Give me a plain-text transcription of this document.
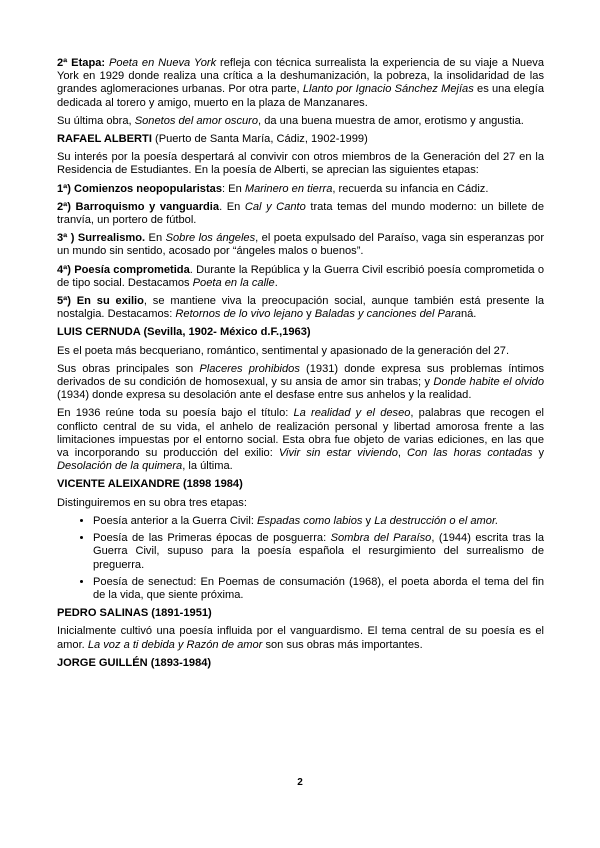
2ª Etapa: Poeta en Nueva York refleja con técnica surrealista la experiencia de su viaje a Nueva York en 1929 donde realiza una crítica a la deshumanización, la pobreza, la insolidaridad de las grandes aglomeraciones urbanas. Por otra parte, Llanto por Ignacio Sánchez Mejías es una elegía dedicada al torero y amigo, muerto en la plaza de Manzanares.

Su última obra, Sonetos del amor oscuro, da una buena muestra de amor, erotismo y angustia.

RAFAEL ALBERTI (Puerto de Santa María, Cádiz, 1902-1999)

Su interés por la poesía despertará al convivir con otros miembros de la Generación del 27 en la Residencia de Estudiantes. En la poesía de Alberti, se aprecian las siguientes etapas:

1ª) Comienzos neopopularistas: En Marinero en tierra, recuerda su infancia en Cádiz.

2ª) Barroquismo y vanguardia. En Cal y Canto trata temas del mundo moderno: un billete de tranvía, un portero de fútbol.

3ª ) Surrealismo. En Sobre los ángeles, el poeta expulsado del Paraíso, vaga sin esperanzas por un mundo sin sentido, acosado por “ángeles malos o buenos”.

4ª) Poesía comprometida. Durante la República y la Guerra Civil escribió poesía comprometida o de tipo social. Destacamos Poeta en la calle.

5ª) En su exilio, se mantiene viva la preocupación social, aunque también está presente la nostalgia. Destacamos: Retornos de lo vivo lejano y Baladas y canciones del Paraná.

LUIS CERNUDA (Sevilla, 1902- México d.F.,1963)

Es el poeta más becqueriano, romántico, sentimental y apasionado de la generación del 27.

Sus obras principales son Placeres prohibidos (1931) donde expresa sus problemas íntimos derivados de su condición de homosexual, y su ansia de amor sin trabas; y Donde habite el olvido (1934) donde expresa su desolación ante el desfase entre sus anhelos y la realidad.

En 1936 reúne toda su poesía bajo el título: La realidad y el deseo, palabras que recogen el conflicto central de su vida, el anhelo de realización personal y libertad amorosa frente a las limitaciones impuestas por el entorno social. Esta obra fue objeto de varias ediciones, en las que va incorporando su producción del exilio: Vivir sin estar viviendo, Con las horas contadas y Desolación de la quimera, la última.

VICENTE ALEIXANDRE (1898 1984)

Distinguiremos en su obra tres etapas:

• Poesía anterior a la Guerra Civil: Espadas como labios y La destrucción o el amor.
• Poesía de las Primeras épocas de posguerra: Sombra del Paraíso, (1944) escrita tras la Guerra Civil, supuso para la poesía española el resurgimiento del surrealismo de preguerra.
• Poesía de senectud: En Poemas de consumación (1968), el poeta aborda el tema del fin de la vida, que siente próxima.
PEDRO SALINAS (1891-1951)

Inicialmente cultivó una poesía influida por el vanguardismo. El tema central de su poesía es el amor. La voz a ti debida y Razón de amor son sus obras más importantes.

JORGE GUILLÉN (1893-1984)
2
